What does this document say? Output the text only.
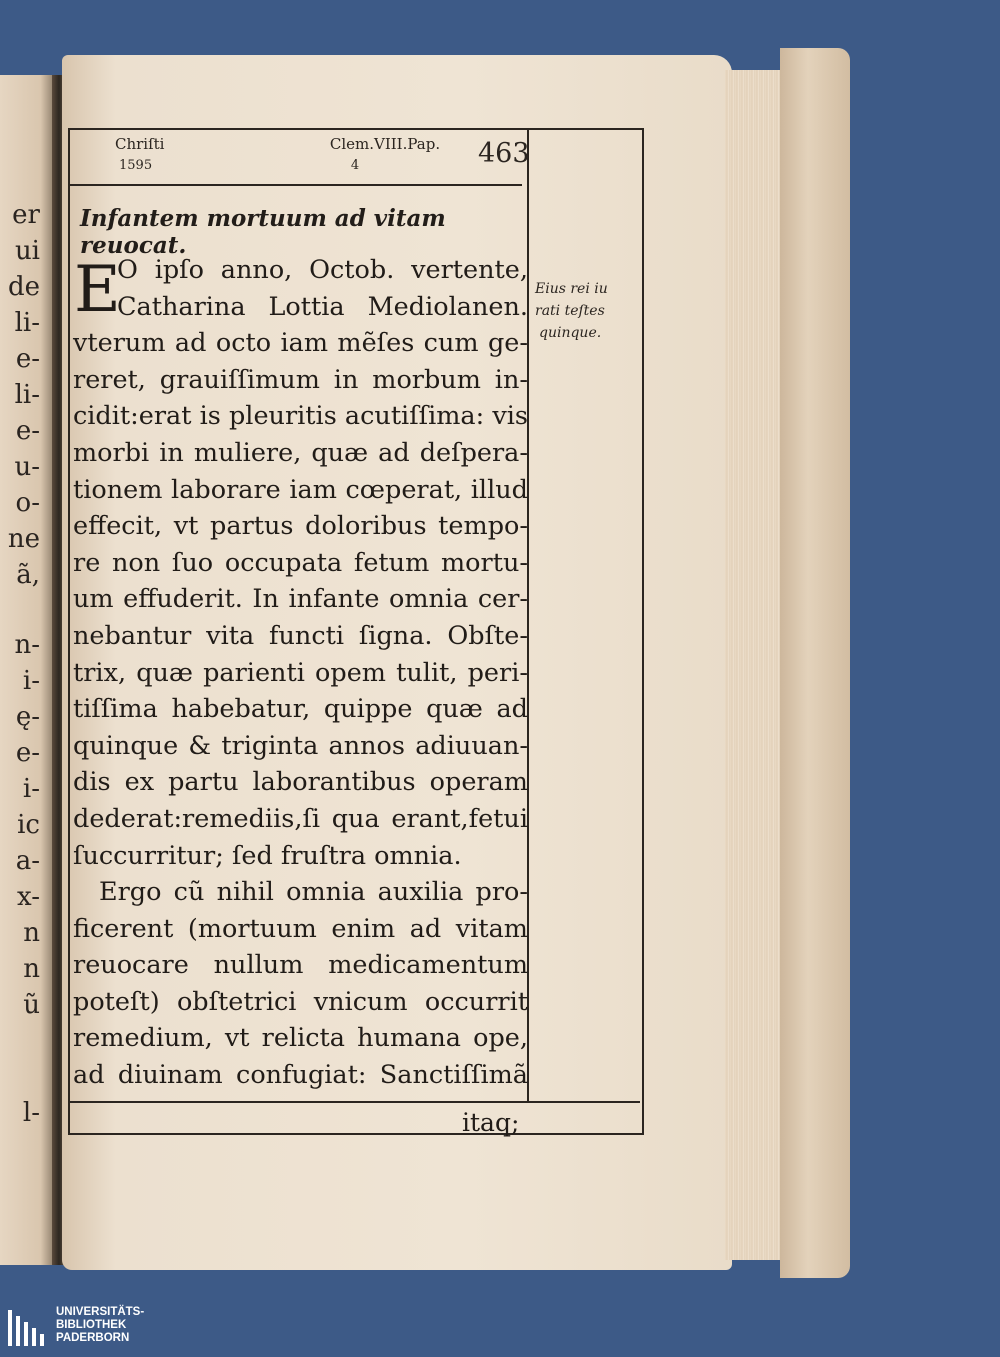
er
ui
de
li-
e-
li-
e-
u-
o-
ne
ã,
n-
i-
ę-
e-
i-
ic
a-
x-
n
n
ũ
l-
Chriſti
1595
Clem.VIII.Pap.
4	463
Infantem mortuum ad vitam reuocat.
E
O ipſo anno, Octob. vertente,
Catharina Lottia Mediolanen.
vterum ad octo iam mẽſes cum ge-
reret, grauiſſimum in morbum in-
cidit:erat is pleuritis acutiſſima: vis
morbi in muliere, quæ ad deſpera-
tionem laborare iam cœperat, illud
effecit, vt partus doloribus tempo-
re non ſuo occupata fetum mortu-
um effuderit. In infante omnia cer-
nebantur vita functi ſigna. Obſte-
trix, quæ parienti opem tulit, peri-
tiſſima habebatur, quippe quæ ad
quinque & triginta annos adiuuan-
dis ex partu laborantibus operam
dederat:remediis,ſi qua erant,fetui
ſuccurritur; ſed fruſtra omnia.
Ergo cũ nihil omnia auxilia pro-
ficerent (mortuum enim ad vitam
reuocare nullum medicamentum
poteſt) obſtetrici vnicum occurrit
remedium, vt relicta humana ope,
ad diuinam confugiat: Sanctiſſimã
Eius rei iu
rati teſtes
quinque.
itaq;
UNIVERSITÄTS-
BIBLIOTHEK
PADERBORN
